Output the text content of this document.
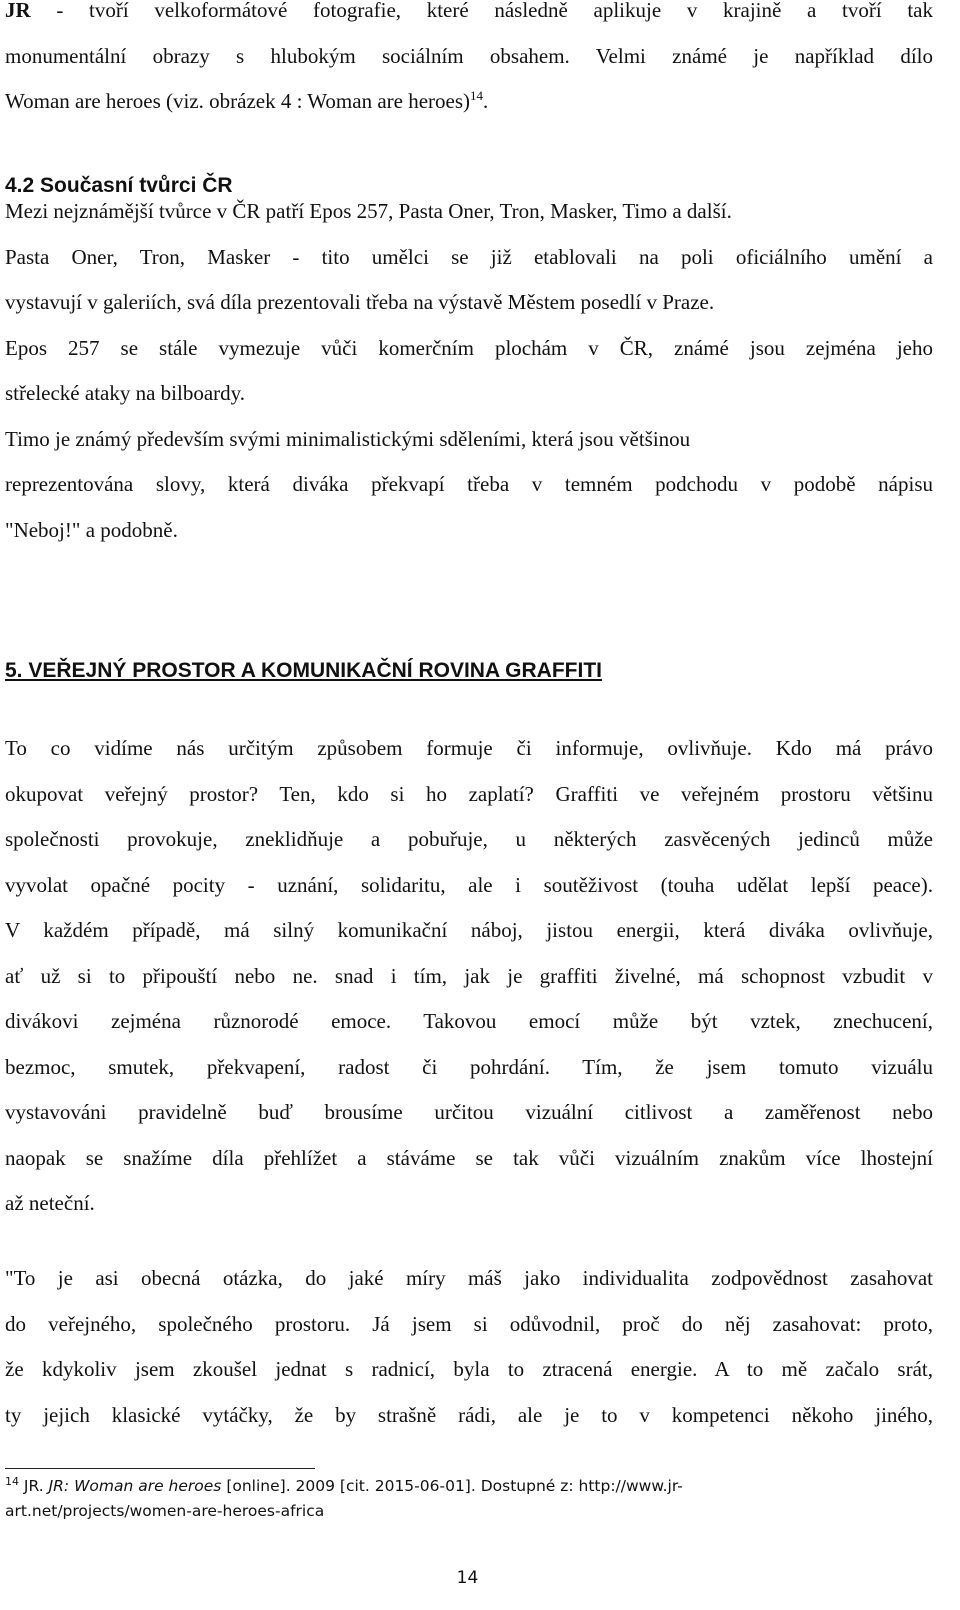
JR - tvoří velkoformátové fotografie, které následně aplikuje v krajině a tvoří tak
monumentální obrazy s hlubokým sociálním obsahem. Velmi známé je například dílo
Woman are heroes (viz. obrázek 4 : Woman are heroes)$^{14}$.
4.2 Současní tvůrci ČR
Mezi nejznámější tvůrce v ČR patří Epos 257, Pasta Oner, Tron, Masker, Timo a další.
Pasta Oner, Tron, Masker - tito umělci se již etablovali na poli oficiálního umění a
vystavují v galeriích, svá díla prezentovali třeba na výstavě Městem posedlí v Praze.
Epos 257 se stále vymezuje vůči komerčním plochám v ČR, známé jsou zejména jeho
střelecké ataky na bilboardy.
Timo je známý především svými minimalistickými sděleními, která jsou většinou
reprezentována slovy, která diváka překvapí třeba v temném podchodu v podobě nápisu
"Neboj!" a podobně.
5. VEŘEJNÝ PROSTOR A KOMUNIKAČNÍ ROVINA GRAFFITI
To co vidíme nás určitým způsobem formuje či informuje, ovlivňuje. Kdo má právo
okupovat veřejný prostor? Ten, kdo si ho zaplatí? Graffiti ve veřejném prostoru většinu
společnosti provokuje, zneklidňuje a pobuřuje, u některých zasvěcených jedinců může
vyvolat opačné pocity - uznání, solidaritu, ale i soutěživost (touha udělat lepší peace).
V každém případě, má silný komunikační náboj, jistou energii, která diváka ovlivňuje,
ať už si to připouští nebo ne. snad i tím, jak je graffiti živelné, má schopnost vzbudit v
divákovi zejména různorodé emoce. Takovou emocí může být vztek, znechucení,
bezmoc, smutek, překvapení, radost či pohrdání. Tím, že jsem tomuto vizuálu
vystavováni pravidelně buď brousíme určitou vizuální citlivost a zaměřenost nebo
naopak se snažíme díla přehlížet a stáváme se tak vůči vizuálním znakům více lhostejní
až neteční.
"To je asi obecná otázka, do jaké míry máš jako individualita zodpovědnost zasahovat
do veřejného, společného prostoru. Já jsem si odůvodnil, proč do něj zasahovat: proto,
že kdykoliv jsem zkoušel jednat s radnicí, byla to ztracená energie. A to mě začalo srát,
ty jejich klasické vytáčky, že by strašně rádi, ale je to v kompetenci někoho jiného,
$^{14}$ JR. JR: Woman are heroes [online]. 2009 [cit. 2015-06-01]. Dostupné z: http://www.jr-
art.net/projects/women-are-heroes-africa
14
